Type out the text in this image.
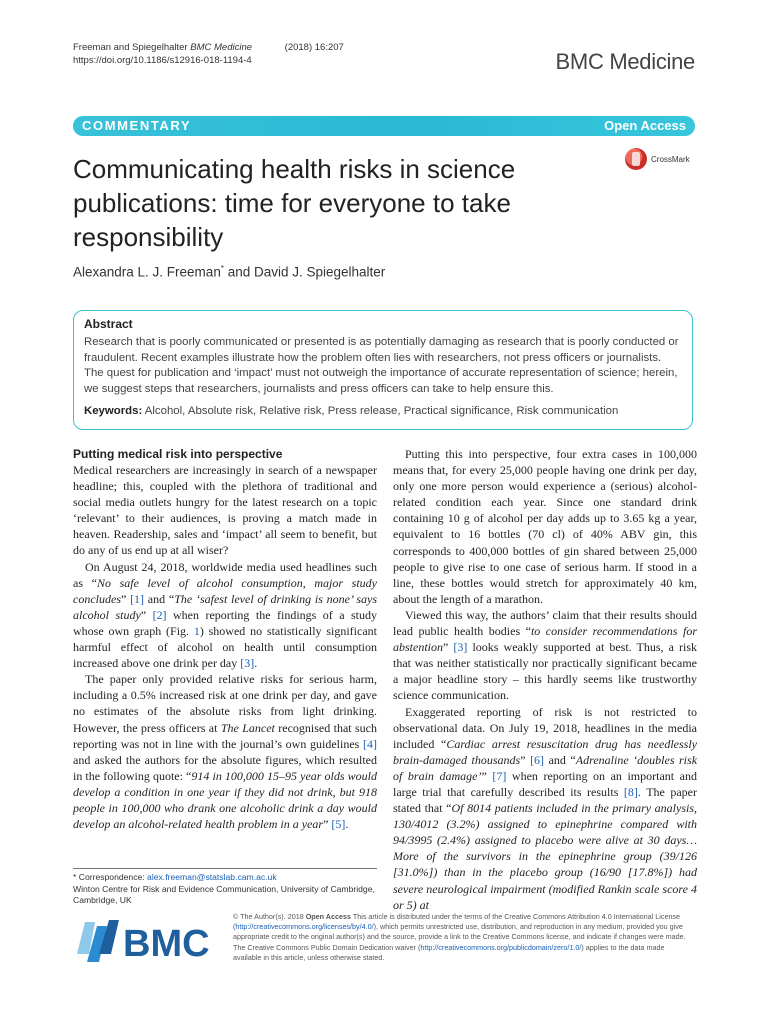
Freeman and Spiegelhalter BMC Medicine	(2018) 16:207
https://doi.org/10.1186/s12916-018-1194-4	BMC Medicine
COMMENTARY	Open Access
Communicating health risks in science publications: time for everyone to take responsibility
CrossMark
Alexandra L. J. Freeman* and David J. Spiegelhalter
Abstract

Research that is poorly communicated or presented is as potentially damaging as research that is poorly conducted or fraudulent. Recent examples illustrate how the problem often lies with researchers, not press officers or journalists. The quest for publication and ‘impact’ must not outweigh the importance of accurate representation of science; herein, we suggest steps that researchers, journalists and press officers can take to help ensure this.

Keywords: Alcohol, Absolute risk, Relative risk, Press release, Practical significance, Risk communication
Putting medical risk into perspective

Medical researchers are increasingly in search of a newspaper headline; this, coupled with the plethora of traditional and social media outlets hungry for the latest research on a topic ‘relevant’ to their audiences, is proving a match made in heaven. Readership, sales and ‘impact’ all seem to benefit, but do any of us end up at all wiser?

On August 24, 2018, worldwide media used headlines such as “No safe level of alcohol consumption, major study concludes” [1] and “The ‘safest level of drinking is none’ says alcohol study” [2] when reporting the findings of a study whose own graph (Fig. 1) showed no statistically significant harmful effect of alcohol on health until consumption increased above one drink per day [3].

The paper only provided relative risks for serious harm, including a 0.5% increased risk at one drink per day, and gave no estimates of the absolute risks from light drinking. However, the press officers at The Lancet recognised that such reporting was not in line with the journal’s own guidelines [4] and asked the authors for the absolute figures, which resulted in the following quote: “914 in 100,000 15–95 year olds would develop a condition in one year if they did not drink, but 918 people in 100,000 who drank one alcoholic drink a day would develop an alcohol-related health problem in a year” [5].

Putting this into perspective, four extra cases in 100,000 means that, for every 25,000 people having one drink per day, only one more person would experience a (serious) alcohol-related condition each year. Since one standard drink containing 10 g of alcohol per day adds up to 3.65 kg a year, equivalent to 16 bottles (70 cl) of 40% ABV gin, this corresponds to 400,000 bottles of gin shared between 25,000 people to give rise to one case of serious harm. If stood in a line, these bottles would stretch for approximately 40 km, about the length of a marathon.

Viewed this way, the authors’ claim that their results should lead public health bodies “to consider recommendations for abstention” [3] looks weakly supported at best. Thus, a risk that was neither statistically nor practically significant became a major headline story – this hardly seems like trustworthy science communication.

Exaggerated reporting of risk is not restricted to observational data. On July 19, 2018, headlines in the media included “Cardiac arrest resuscitation drug has needlessly brain-damaged thousands” [6] and “Adrenaline ‘doubles risk of brain damage’” [7] when reporting on an important and large trial that carefully described its results [8]. The paper stated that “Of 8014 patients included in the primary analysis, 130/4012 (3.2%) assigned to epinephrine compared with 94/3995 (2.4%) assigned to placebo were alive at 30 days… More of the survivors in the epinephrine group (39/126 [31.0%]) than in the placebo group (16/90 [17.8%]) had severe neurological impairment (modified Rankin scale score 4 or 5) at

* Correspondence: alex.freeman@statslab.cam.ac.uk
Winton Centre for Risk and Evidence Communication, University of Cambridge, Cambridge, UK
BMC
© The Author(s). 2018 Open Access This article is distributed under the terms of the Creative Commons Attribution 4.0 International License (http://creativecommons.org/licenses/by/4.0/), which permits unrestricted use, distribution, and reproduction in any medium, provided you give appropriate credit to the original author(s) and the source, provide a link to the Creative Commons license, and indicate if changes were made. The Creative Commons Public Domain Dedication waiver (http://creativecommons.org/publicdomain/zero/1.0/) applies to the data made available in this article, unless otherwise stated.
